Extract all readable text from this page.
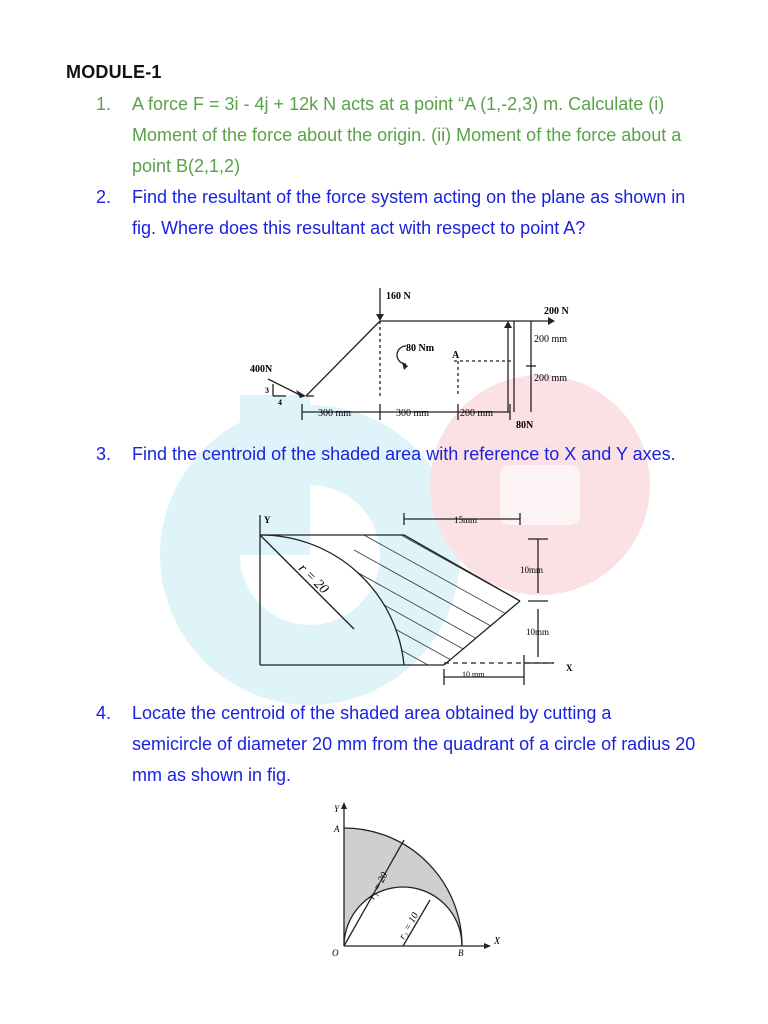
MODULE-1
1.	A force F = 3i - 4j + 12k N acts at a point “A (1,-2,3) m. Calculate (i) Moment of the force about the origin. (ii) Moment of the force about a point B(2,1,2)
2.	Find the resultant of the force system acting on the plane as shown in fig. Where does this resultant act with respect to point A?
160 N
200 N
80 Nm
A
200 mm
200 mm
400N
3
4
300 mm	300 mm	200 mm
80N
3.	Find the centroid of the shaded area with reference to X and Y axes.
Y
X
15mm
10mm
10mm
10 mm
r = 20
4.	Locate the centroid of the shaded area obtained by cutting a semicircle of diameter 20 mm from the quadrant of a circle of radius 20 mm as shown in fig.
Y
X
A
O	B
r₁ = 20
r₂ = 10
